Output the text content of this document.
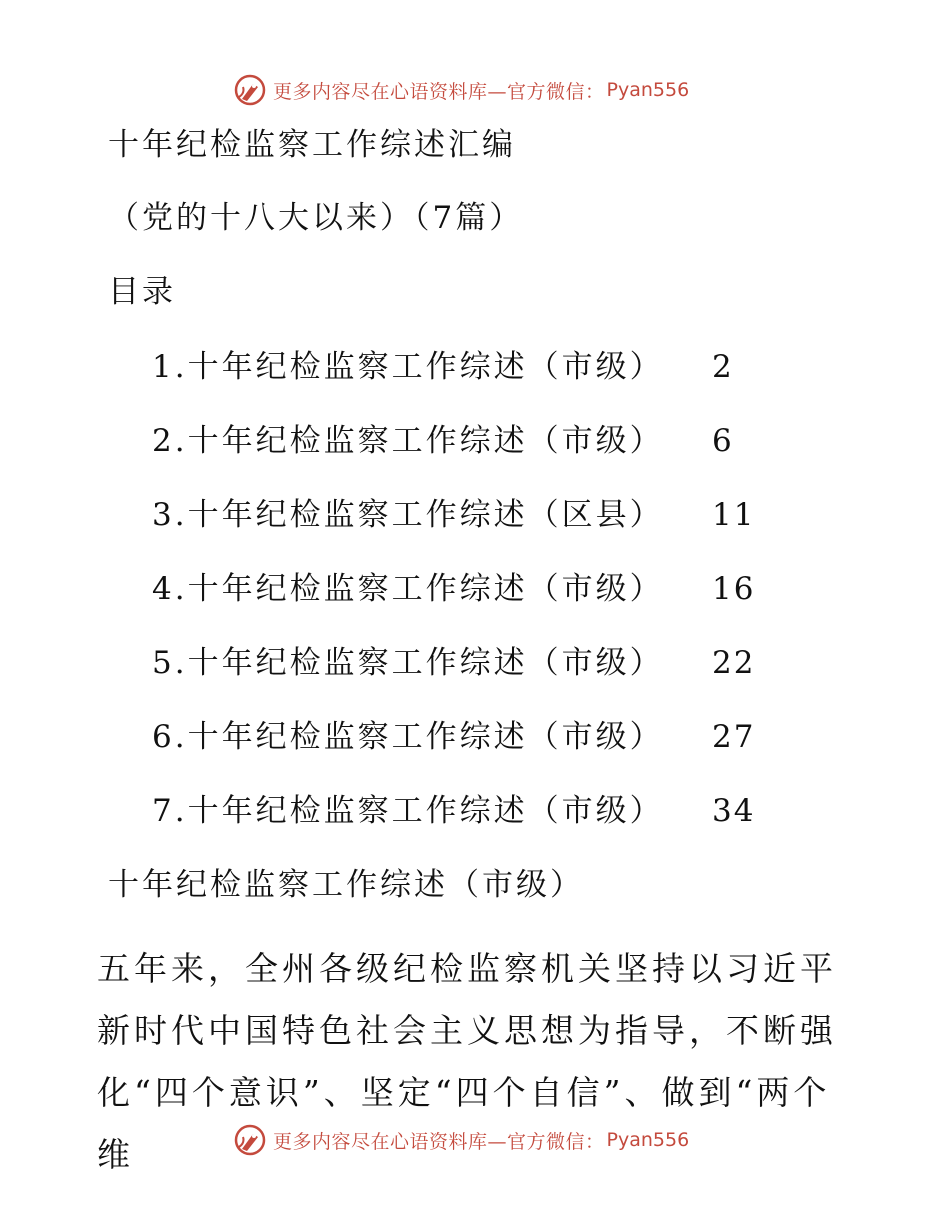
更多内容尽在心语资料库—官方微信： Pyan556
十年纪检监察工作综述汇编
（党的十八大以来）（7篇）
目录
1.十年纪检监察工作综述（市级） 2
2.十年纪检监察工作综述（市级） 6
3.十年纪检监察工作综述（区县） 11
4.十年纪检监察工作综述（市级） 16
5.十年纪检监察工作综述（市级） 22
6.十年纪检监察工作综述（市级） 27
7.十年纪检监察工作综述（市级） 34
十年纪检监察工作综述（市级）
五年来，全州各级纪检监察机关坚持以习近平新时代中国特色社会主义思想为指导，不断强化“四个意识”、坚定“四个自信”、做到“两个维	更多内容尽在心语资料库—官方微信： Pyan556
